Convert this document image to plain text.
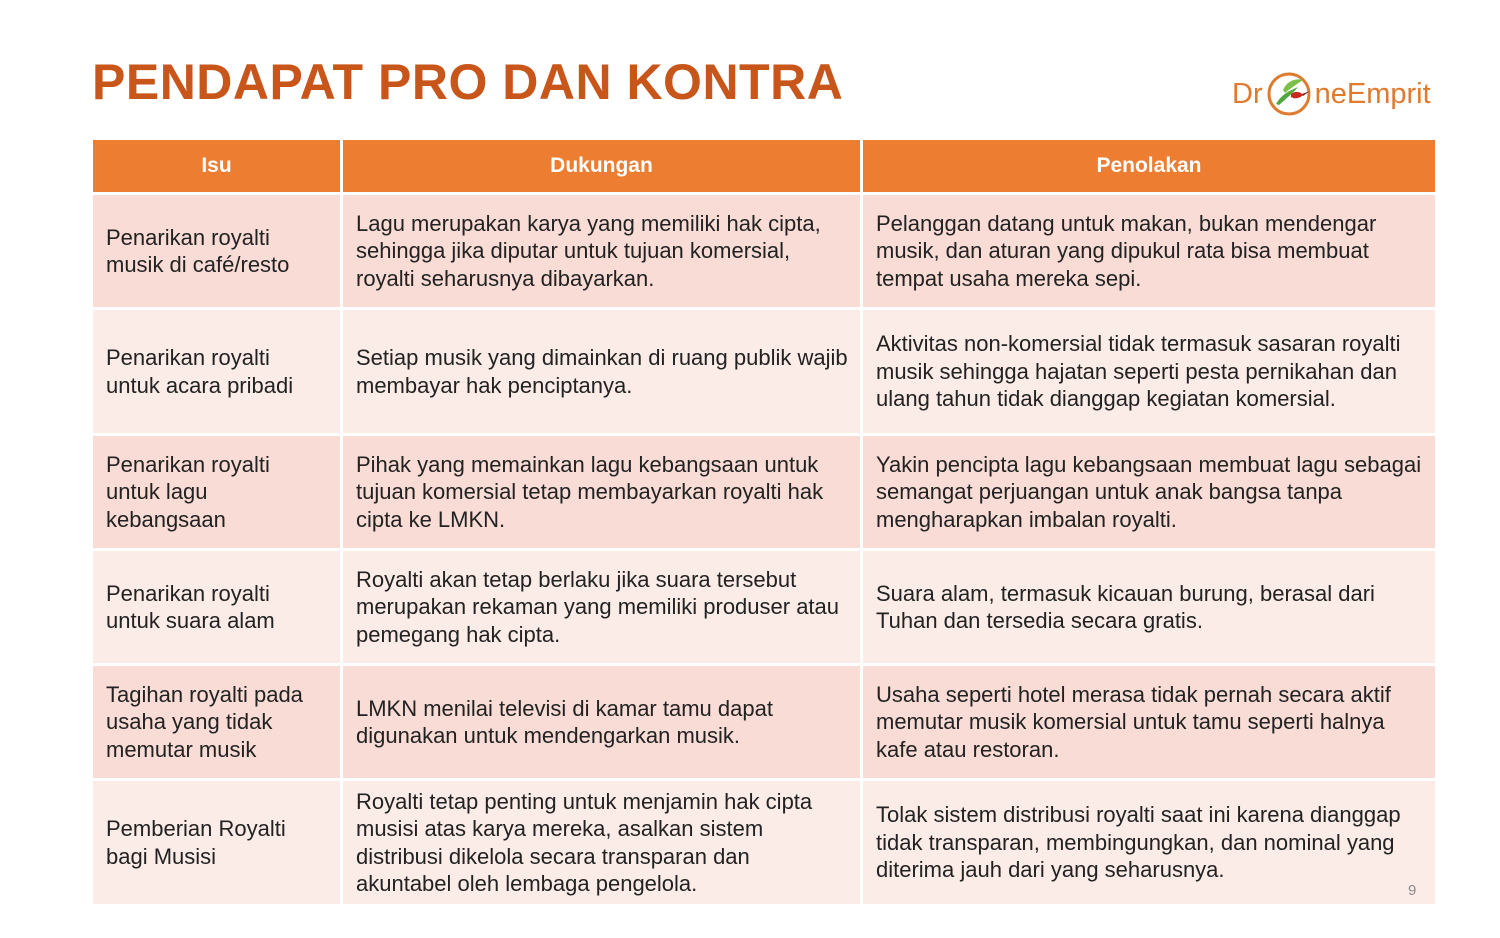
PENDAPAT PRO DAN KONTRA	Dr neEmprit
Isu	Dukungan	Penolakan
Penarikan royalti musik di café/resto	Lagu merupakan karya yang memiliki hak cipta, sehingga jika diputar untuk tujuan komersial, royalti seharusnya dibayarkan.	Pelanggan datang untuk makan, bukan mendengar musik, dan aturan yang dipukul rata bisa membuat tempat usaha mereka sepi.
Penarikan royalti untuk acara pribadi	Setiap musik yang dimainkan di ruang publik wajib membayar hak penciptanya.	Aktivitas non-komersial tidak termasuk sasaran royalti musik sehingga hajatan seperti pesta pernikahan dan ulang tahun tidak dianggap kegiatan komersial.
Penarikan royalti untuk lagu kebangsaan	Pihak yang memainkan lagu kebangsaan untuk tujuan komersial tetap membayarkan royalti hak cipta ke LMKN.	Yakin pencipta lagu kebangsaan membuat lagu sebagai semangat perjuangan untuk anak bangsa tanpa mengharapkan imbalan royalti.
Penarikan royalti untuk suara alam	Royalti akan tetap berlaku jika suara tersebut merupakan rekaman yang memiliki produser atau pemegang hak cipta.	Suara alam, termasuk kicauan burung, berasal dari Tuhan dan tersedia secara gratis.
Tagihan royalti pada usaha yang tidak memutar musik	LMKN menilai televisi di kamar tamu dapat digunakan untuk mendengarkan musik.	Usaha seperti hotel merasa tidak pernah secara aktif memutar musik komersial untuk tamu seperti halnya kafe atau restoran.
Pemberian Royalti bagi Musisi	Royalti tetap penting untuk menjamin hak cipta musisi atas karya mereka, asalkan sistem distribusi dikelola secara transparan dan akuntabel oleh lembaga pengelola.	Tolak sistem distribusi royalti saat ini karena dianggap tidak transparan, membingungkan, dan nominal yang diterima jauh dari yang seharusnya.
9
